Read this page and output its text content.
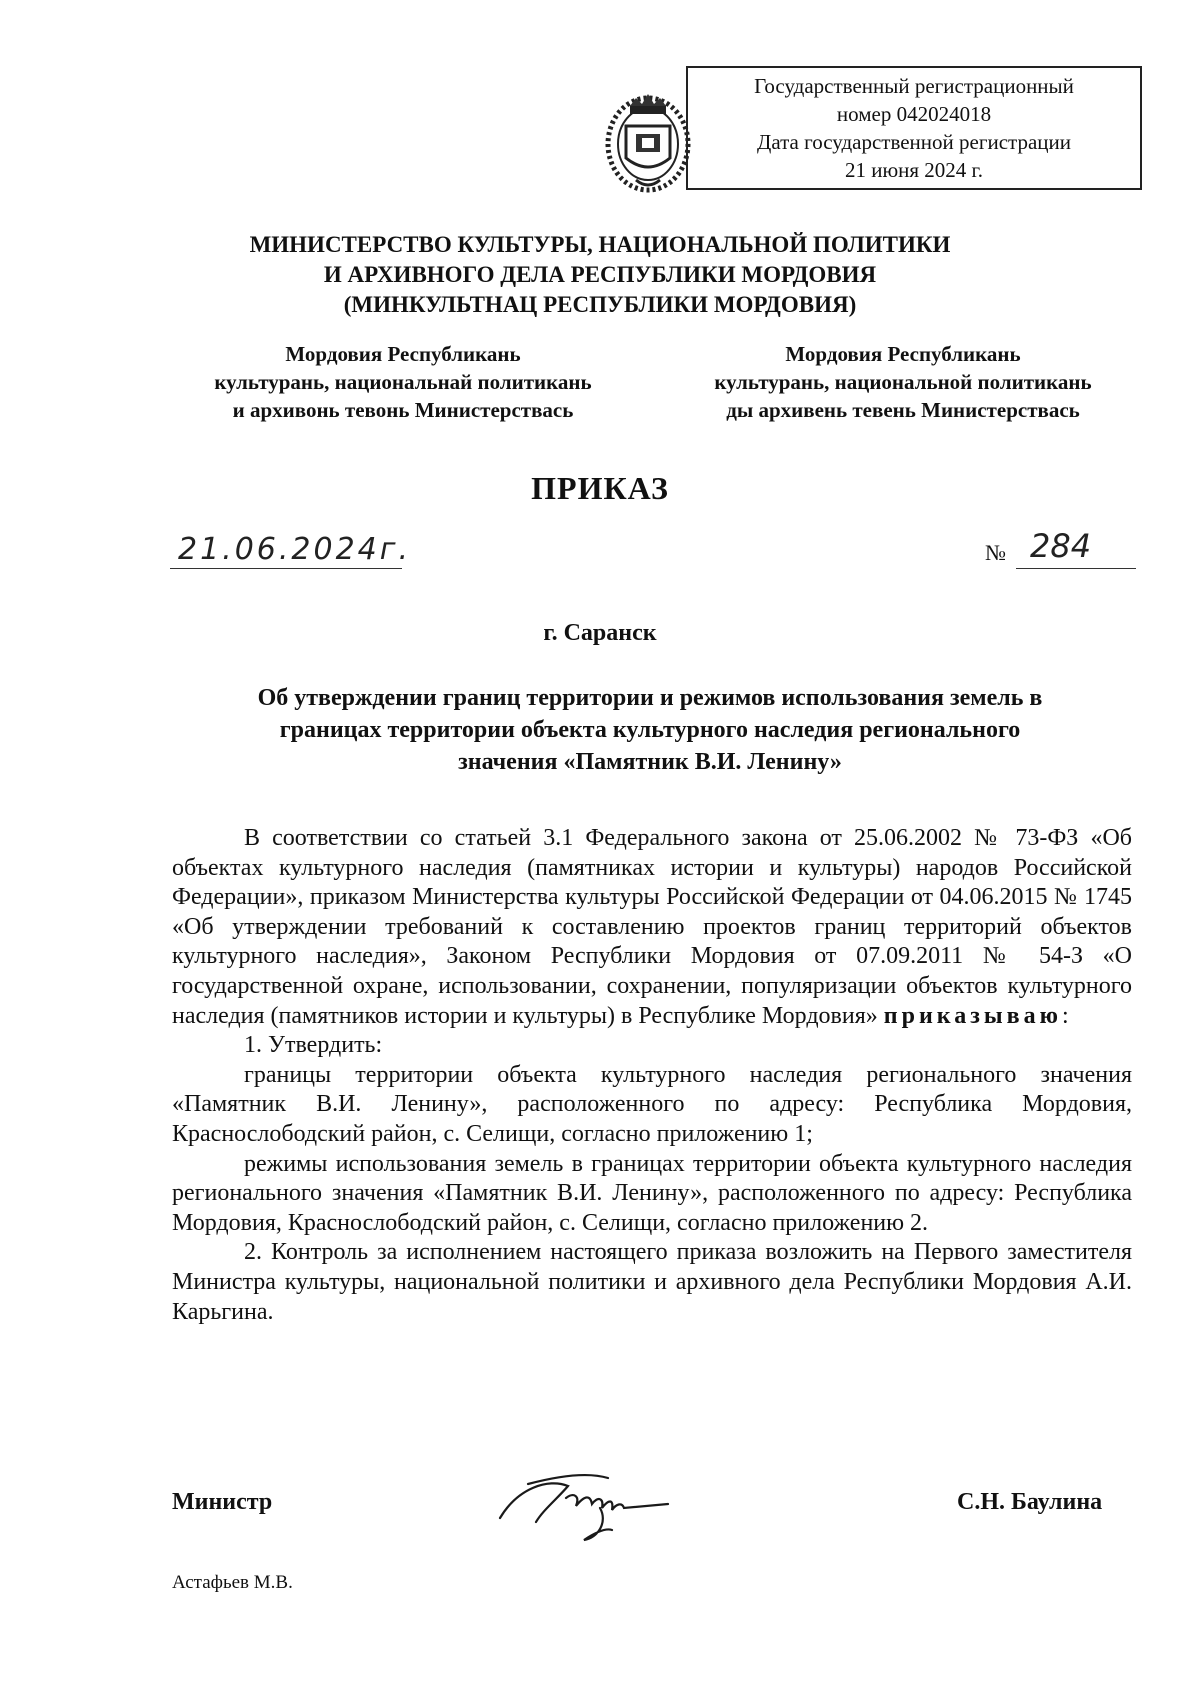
Государственный регистрационный
номер 042024018
Дата государственной регистрации
21 июня 2024 г.
МИНИСТЕРСТВО КУЛЬТУРЫ, НАЦИОНАЛЬНОЙ ПОЛИТИКИ
И АРХИВНОГО ДЕЛА РЕСПУБЛИКИ МОРДОВИЯ
(МИНКУЛЬТНАЦ РЕСПУБЛИКИ МОРДОВИЯ)
Мордовия Республикань
культурань, национальнай политикань
и архивонь тевонь Министерствась
Мордовия Республикань
культурань, национальной политикань
ды архивень тевень Министерствась
ПРИКАЗ
21.06.2024г.	№ 284
г. Саранск
Об утверждении границ территории и режимов использования земель в
границах территории объекта культурного наследия регионального
значения «Памятник В.И. Ленину»

В соответствии со статьей 3.1 Федерального закона от 25.06.2002 № 73-ФЗ «Об объектах культурного наследия (памятниках истории и культуры) народов Российской Федерации», приказом Министерства культуры Российской Федерации от 04.06.2015 № 1745 «Об утверждении требований к составлению проектов границ территорий объектов культурного наследия», Законом Республики Мордовия от 07.09.2011 № 54-З «О государственной охране, использовании, сохранении, популяризации объектов культурного наследия (памятников истории и культуры) в Республике Мордовия» приказываю:

1. Утвердить:

границы территории объекта культурного наследия регионального значения «Памятник В.И. Ленину», расположенного по адресу: Республика Мордовия, Краснослободский район, с. Селищи, согласно приложению 1;

режимы использования земель в границах территории объекта культурного наследия регионального значения «Памятник В.И. Ленину», расположенного по адресу: Республика Мордовия, Краснослободский район, с. Селищи, согласно приложению 2.

2. Контроль за исполнением настоящего приказа возложить на Первого заместителя Министра культуры, национальной политики и архивного дела Республики Мордовия А.И. Карьгина.

Министр	С.Н. Баулина
Астафьев М.В.
